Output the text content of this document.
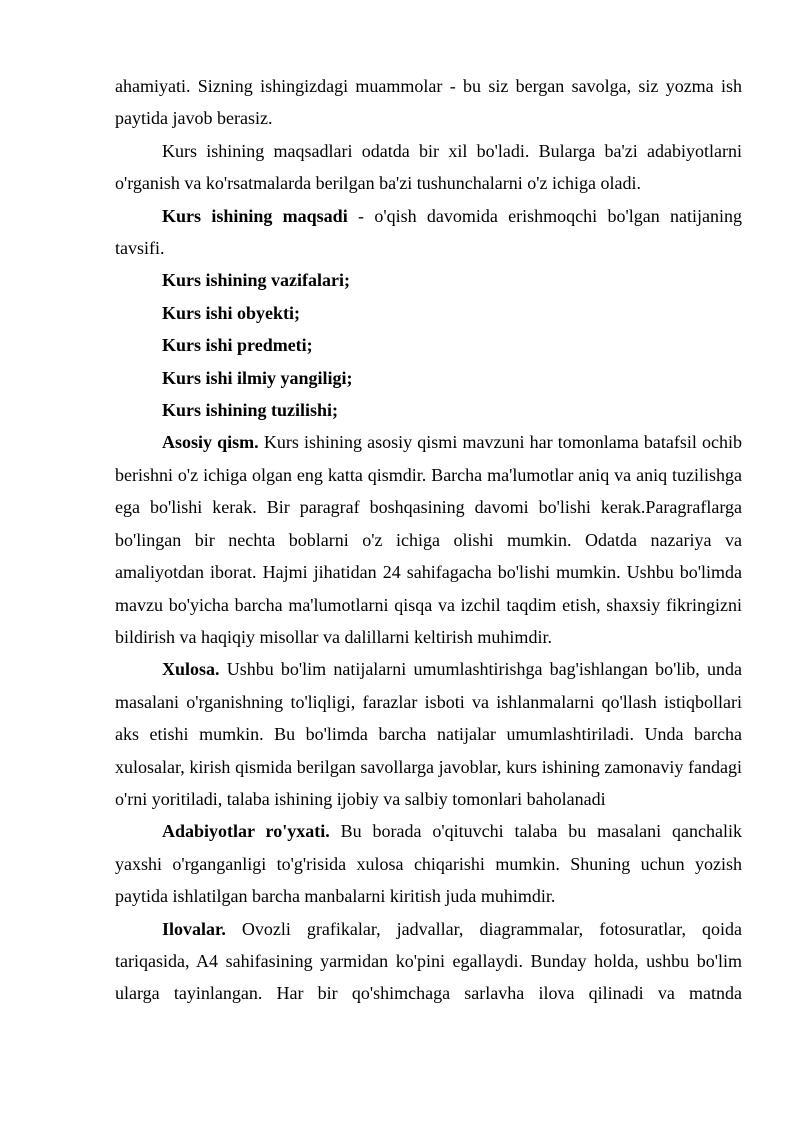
ahamiyati. Sizning ishingizdagi muammolar - bu siz bergan savolga, siz yozma ish paytida javob berasiz.

Kurs ishining maqsadlari odatda bir xil bo'ladi. Bularga ba'zi adabiyotlarni o'rganish va ko'rsatmalarda berilgan ba'zi tushunchalarni o'z ichiga oladi.

Kurs ishining maqsadi - o'qish davomida erishmoqchi bo'lgan natijaning tavsifi.

Kurs ishining vazifalari;

Kurs ishi obyekti;

Kurs ishi predmeti;

Kurs ishi ilmiy yangiligi;

Kurs ishining tuzilishi;

Asosiy qism. Kurs ishining asosiy qismi mavzuni har tomonlama batafsil ochib berishni o'z ichiga olgan eng katta qismdir. Barcha ma'lumotlar aniq va aniq tuzilishga ega bo'lishi kerak. Bir paragraf boshqasining davomi bo'lishi kerak.Paragraflarga bo'lingan bir nechta boblarni o'z ichiga olishi mumkin. Odatda nazariya va amaliyotdan iborat. Hajmi jihatidan 24 sahifagacha bo'lishi mumkin. Ushbu bo'limda mavzu bo'yicha barcha ma'lumotlarni qisqa va izchil taqdim etish, shaxsiy fikringizni bildirish va haqiqiy misollar va dalillarni keltirish muhimdir.

Xulosa. Ushbu bo'lim natijalarni umumlashtirishga bag'ishlangan bo'lib, unda masalani o'rganishning to'liqligi, farazlar isboti va ishlanmalarni qo'llash istiqbollari aks etishi mumkin. Bu bo'limda barcha natijalar umumlashtiriladi. Unda barcha xulosalar, kirish qismida berilgan savollarga javoblar, kurs ishining zamonaviy fandagi o'rni yoritiladi, talaba ishining ijobiy va salbiy tomonlari baholanadi

Adabiyotlar ro'yxati. Bu borada o'qituvchi talaba bu masalani qanchalik yaxshi o'rganganligi to'g'risida xulosa chiqarishi mumkin. Shuning uchun yozish paytida ishlatilgan barcha manbalarni kiritish juda muhimdir.

Ilovalar. Ovozli grafikalar, jadvallar, diagrammalar, fotosuratlar, qoida tariqasida, A4 sahifasining yarmidan ko'pini egallaydi. Bunday holda, ushbu bo'lim ularga tayinlangan. Har bir qo'shimchaga sarlavha ilova qilinadi va matnda
